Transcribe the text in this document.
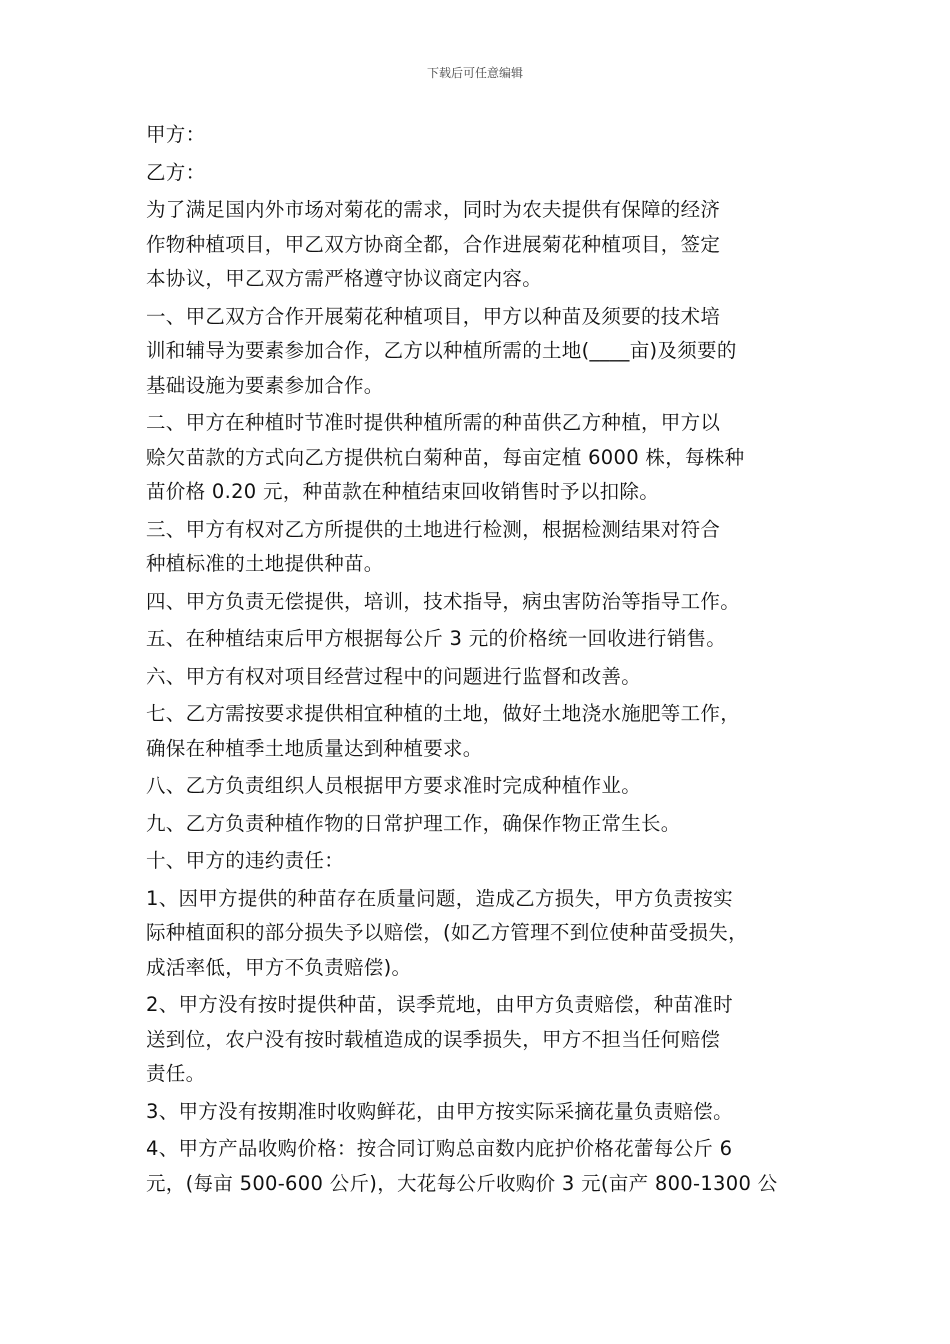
下载后可任意编辑
甲方：
乙方：
为了满足国内外市场对菊花的需求，同时为农夫提供有保障的经济
作物种植项目，甲乙双方协商全都，合作进展菊花种植项目，签定
本协议，甲乙双方需严格遵守协议商定内容。
一、甲乙双方合作开展菊花种植项目，甲方以种苗及须要的技术培
训和辅导为要素参加合作，乙方以种植所需的土地(____亩)及须要的
基础设施为要素参加合作。
二、甲方在种植时节准时提供种植所需的种苗供乙方种植，甲方以
赊欠苗款的方式向乙方提供杭白菊种苗，每亩定植 6000 株，每株种
苗价格 0.20 元，种苗款在种植结束回收销售时予以扣除。
三、甲方有权对乙方所提供的土地进行检测，根据检测结果对符合
种植标准的土地提供种苗。
四、甲方负责无偿提供，培训，技术指导，病虫害防治等指导工作。
五、在种植结束后甲方根据每公斤 3 元的价格统一回收进行销售。
六、甲方有权对项目经营过程中的问题进行监督和改善。
七、乙方需按要求提供相宜种植的土地，做好土地浇水施肥等工作，
确保在种植季土地质量达到种植要求。
八、乙方负责组织人员根据甲方要求准时完成种植作业。
九、乙方负责种植作物的日常护理工作，确保作物正常生长。
十、甲方的违约责任：
1、因甲方提供的种苗存在质量问题，造成乙方损失，甲方负责按实
际种植面积的部分损失予以赔偿，(如乙方管理不到位使种苗受损失，
成活率低，甲方不负责赔偿)。
2、甲方没有按时提供种苗，误季荒地，由甲方负责赔偿，种苗准时
送到位，农户没有按时载植造成的误季损失，甲方不担当任何赔偿
责任。
3、甲方没有按期准时收购鲜花，由甲方按实际采摘花量负责赔偿。
4、甲方产品收购价格：按合同订购总亩数内庇护价格花蕾每公斤 6
元，(每亩 500-600 公斤)，大花每公斤收购价 3 元(亩产 800-1300 公
